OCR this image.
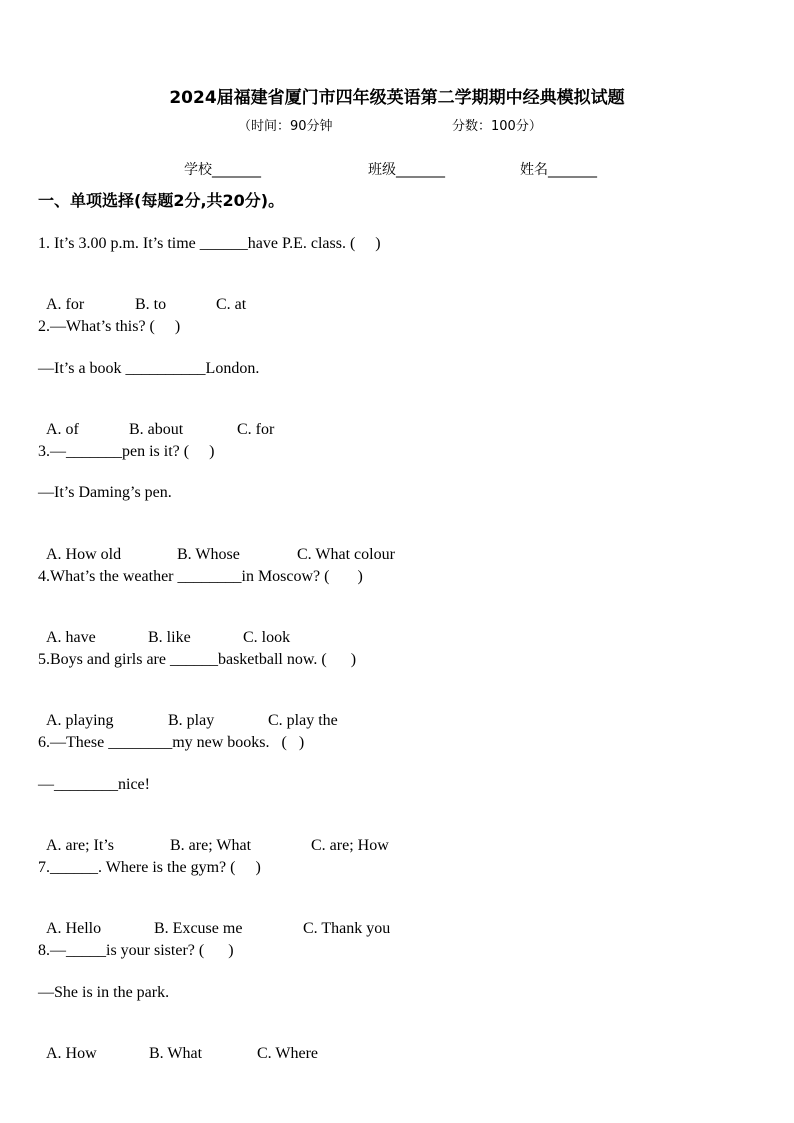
2024届福建省厦门市四年级英语第二学期期中经典模拟试题
（时间：90分钟	分数：100分）
学校_______	班级_______	姓名_______
一、单项选择(每题2分,共20分)。
1. It’s 3.00 p.m. It’s time ______have P.E. class. (     )

A. for	B. to	C. at

2.—What’s this? (     )
—It’s a book __________London.

A. of	B. about	C. for

3.—_______pen is it? (     )
—It’s Daming’s pen.

A. How old	B. Whose	C. What colour

4.What’s the weather ________in Moscow? (       )

A. have	B. like	C. look

5.Boys and girls are ______basketball now. (      )

A. playing	B. play	C. play the

6.—These ________my new books.   (   )
—________nice!

A. are; It’s	B. are; What	C. are; How

7.______. Where is the gym? (     )

A. Hello	B. Excuse me	C. Thank you

8.—_____is your sister? (      )
—She is in the park.

A. How	B. What	C. Where
